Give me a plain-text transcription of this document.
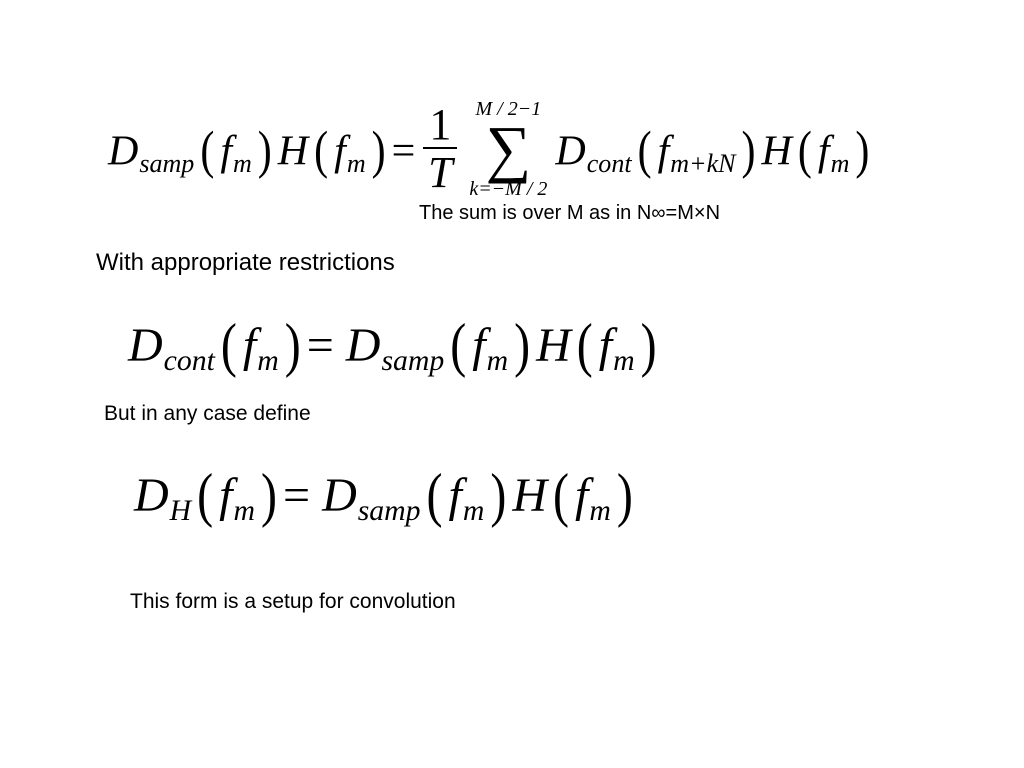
Dsamp ( fm ) H ( fm ) = $\frac{1}{T}$ M / 2−1
∑
k=−M / 2
Dcont ( fm+kN ) H ( fm )
The sum is over M as in N∞=M×N
With appropriate restrictions
Dcont ( fm ) = Dsamp ( fm ) H ( fm )
But in any case define
DH ( fm ) = Dsamp ( fm ) H ( fm )
This form is a setup for convolution
